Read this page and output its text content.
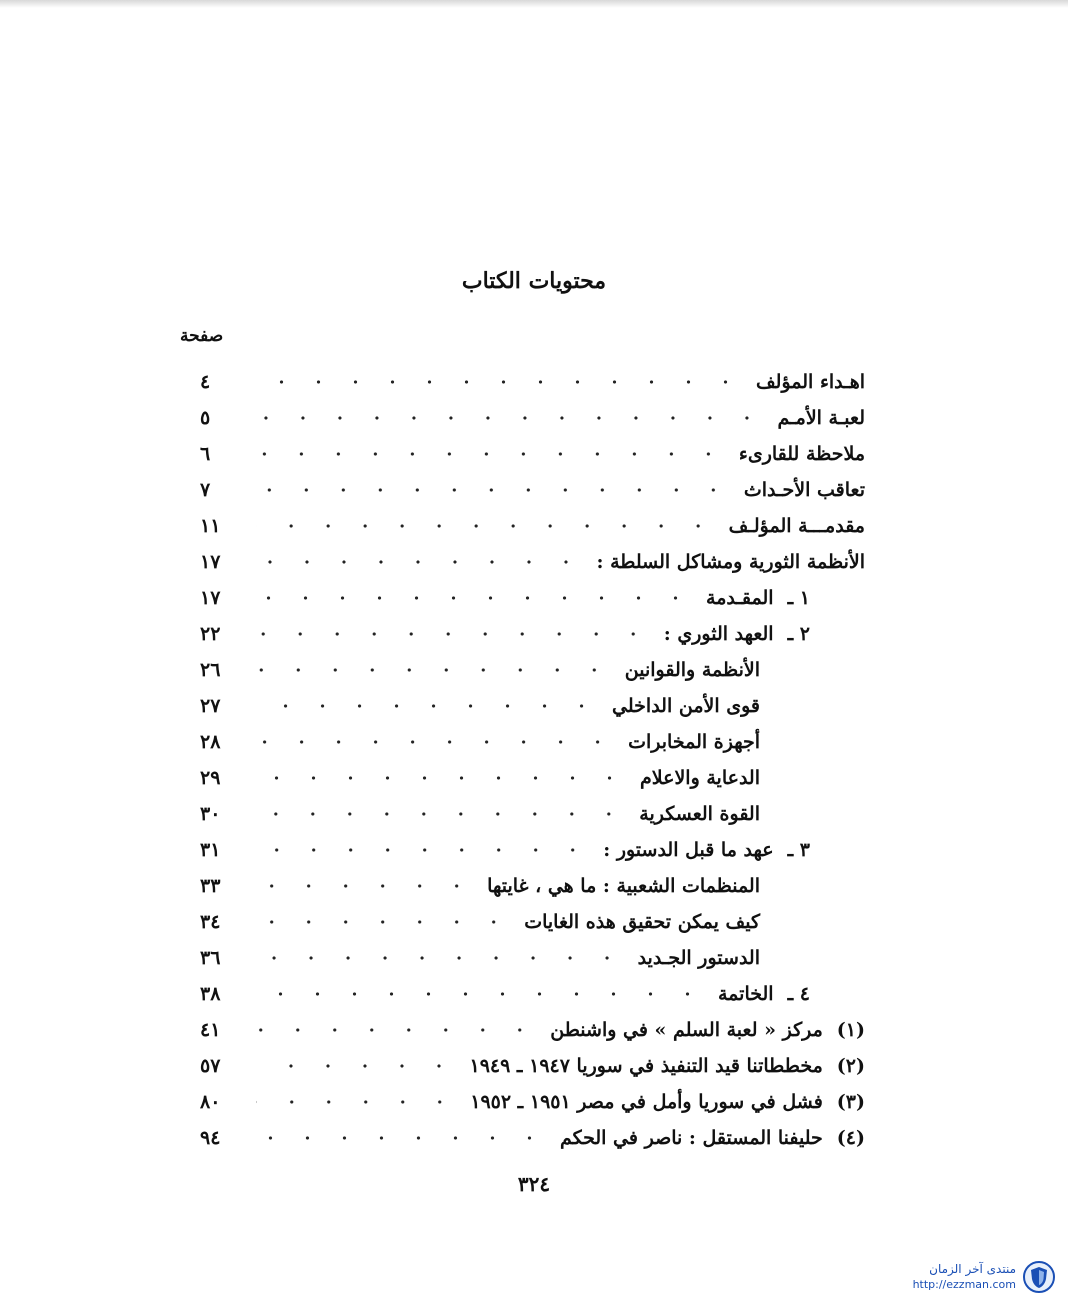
محتويات الكتاب
صفحة
اهـداء المؤلف
٤
لعبـة الأمـم
٥
ملاحظة للقارىء
٦
تعاقب الأحـداث
٧
مقدمـــة المؤلـف
١١
الأنظمة الثورية ومشاكل السلطة :
١٧
١ ـ
المقـدمة
١٧
٢ ـ
العهد الثوري :
٢٢
الأنظمة والقوانين
٢٦
قوى الأمن الداخلي
٢٧
أجهزة المخابرات
٢٨
الدعاية والاعلام
٢٩
القوة العسكرية
٣٠
٣ ـ
عهد ما قبل الدستور :
٣١
المنظمات الشعبية : ما هي ، غايتها
٣٣
كيف يمكن تحقيق هذه الغايات
٣٤
الدستور الجـديد
٣٦
٤ ـ
الخاتمة
٣٨
(١)
مركز « لعبة السلم » في واشنطن
٤١
(٢)
مخططاتنا قيد التنفيذ في سوريا ١٩٤٧ ـ ١٩٤٩
٥٧
(٣)
فشل في سوريا وأمل في مصر ١٩٥١ ـ ١٩٥٢
٨٠
(٤)
حليفنا المستقل : ناصر في الحكم
٩٤
٣٢٤
منتدى آخر الزمان
http://ezzman.com
